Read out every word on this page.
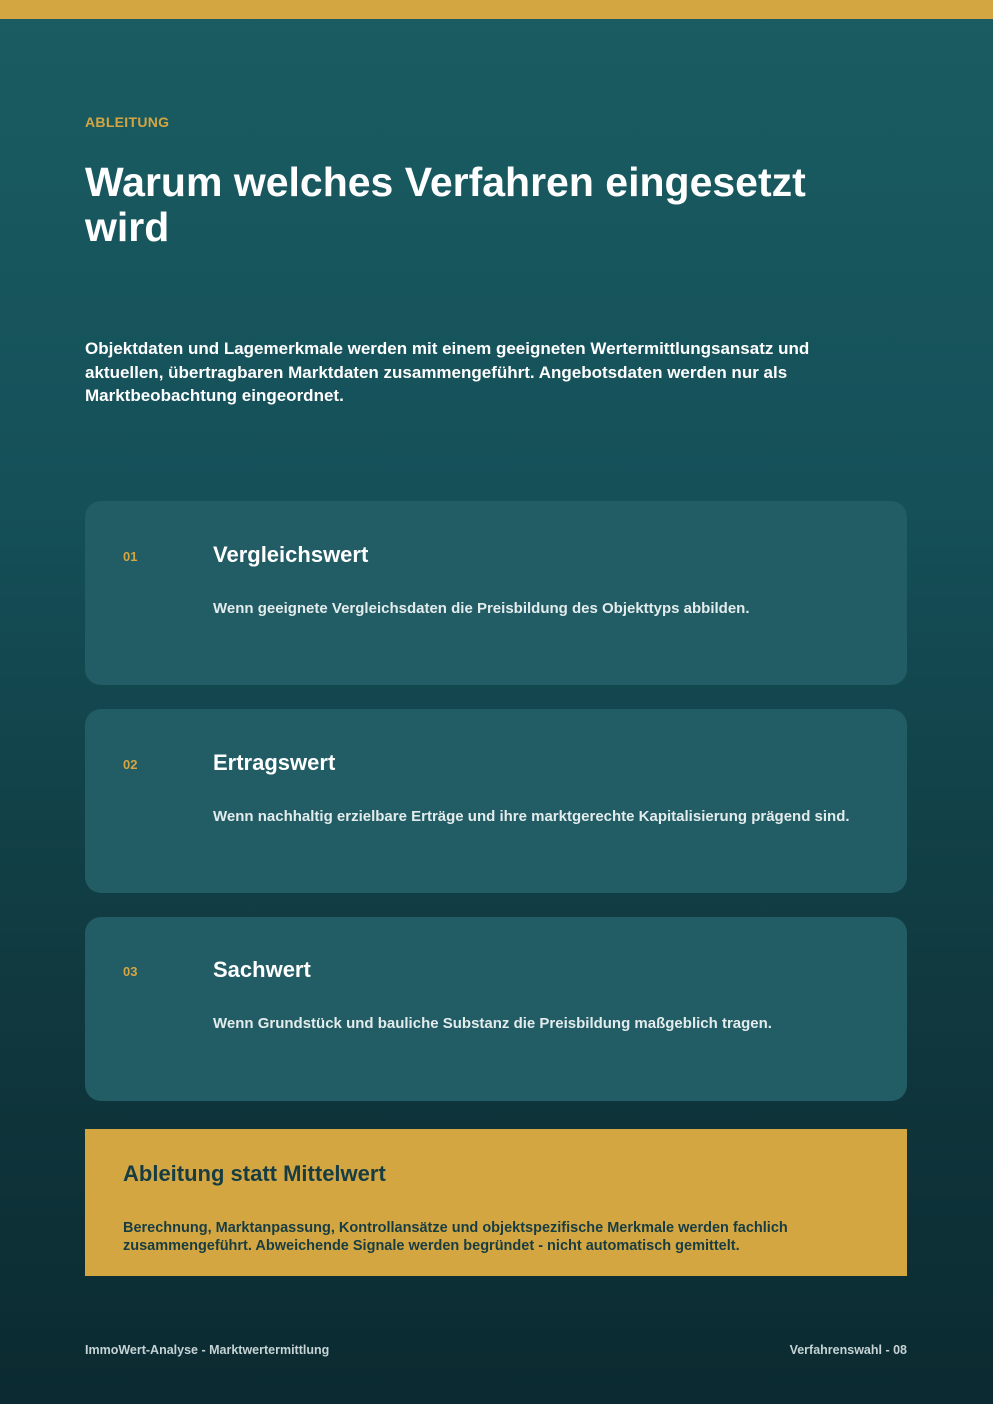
ABLEITUNG
Warum welches Verfahren eingesetzt wird

Objektdaten und Lagemerkmale werden mit einem geeigneten Wertermittlungsansatz und aktuellen, übertragbaren Marktdaten zusammengeführt. Angebotsdaten werden nur als Marktbeobachtung eingeordnet.

01	Vergleichswert

Wenn geeignete Vergleichsdaten die Preisbildung des Objekttyps abbilden.

02	Ertragswert

Wenn nachhaltig erzielbare Erträge und ihre marktgerechte Kapitalisierung prägend sind.

03	Sachwert

Wenn Grundstück und bauliche Substanz die Preisbildung maßgeblich tragen.

Ableitung statt Mittelwert

Berechnung, Marktanpassung, Kontrollansätze und objektspezifische Merkmale werden fachlich zusammengeführt. Abweichende Signale werden begründet - nicht automatisch gemittelt.

ImmoWert-Analyse - Marktwertermittlung	Verfahrenswahl - 08
